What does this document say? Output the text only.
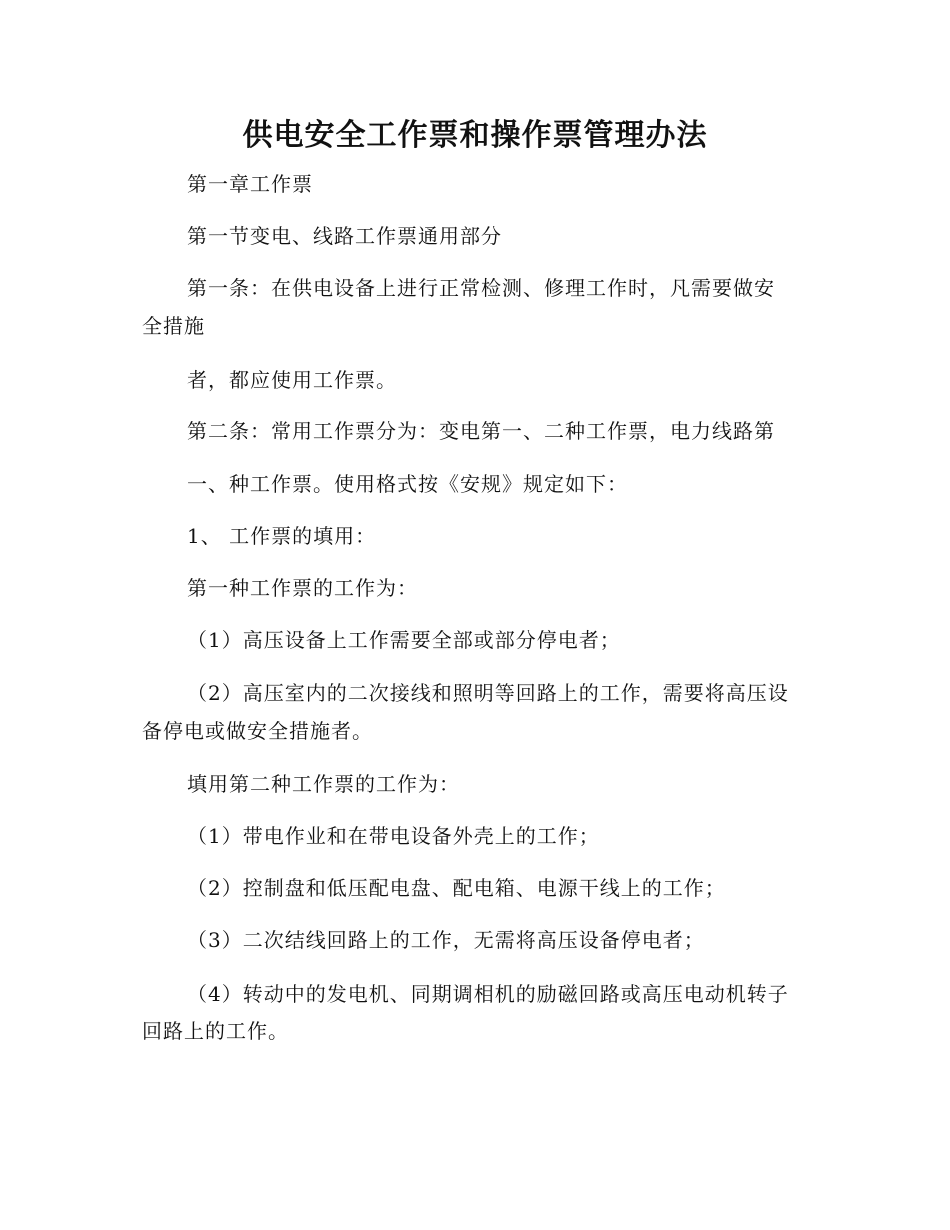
供电安全工作票和操作票管理办法
第一章工作票
第一节变电、线路工作票通用部分
第一条：在供电设备上进行正常检测、修理工作时，凡需要做安
全措施
者，都应使用工作票。
第二条：常用工作票分为：变电第一、二种工作票，电力线路第
一、种工作票。使用格式按《安规》规定如下：
1、 工作票的填用：
第一种工作票的工作为：
（1）高压设备上工作需要全部或部分停电者；
（2）高压室内的二次接线和照明等回路上的工作，需要将高压设
备停电或做安全措施者。
填用第二种工作票的工作为：
（1）带电作业和在带电设备外壳上的工作；
（2）控制盘和低压配电盘、配电箱、电源干线上的工作；
（3）二次结线回路上的工作，无需将高压设备停电者；
（4）转动中的发电机、同期调相机的励磁回路或高压电动机转子
回路上的工作。
